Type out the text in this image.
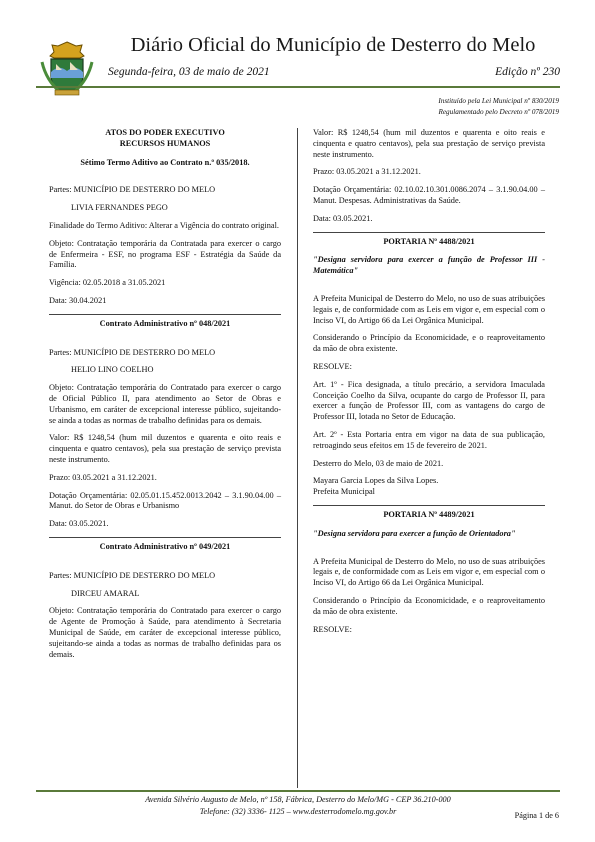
Diário Oficial do Município de Desterro do Melo
Segunda-feira, 03 de maio de 2021	Edição nº 230
Instituído pela Lei Municipal nº 830/2019
Regulamentado pelo Decreto nº 078/2019
ATOS DO PODER EXECUTIVO
RECURSOS HUMANOS
Sétimo Termo Aditivo ao Contrato n.º 035/2018.
Partes: MUNICÍPIO DE DESTERRO DO MELO
LIVIA FERNANDES PEGO
Finalidade do Termo Aditivo: Alterar a Vigência do contrato original.
Objeto: Contratação temporária da Contratada para exercer o cargo de Enfermeira - ESF, no programa ESF - Estratégia da Saúde da Família.
Vigência: 02.05.2018 a 31.05.2021
Data: 30.04.2021
Contrato Administrativo nº 048/2021
Partes: MUNICÍPIO DE DESTERRO DO MELO
HELIO LINO COELHO
Objeto: Contratação temporária do Contratado para exercer o cargo de Oficial Público II, para atendimento ao Setor de Obras e Urbanismo, em caráter de excepcional interesse público, sujeitando-se ainda a todas as normas de trabalho definidas para os demais.
Valor: R$ 1248,54 (hum mil duzentos e quarenta e oito reais e cinquenta e quatro centavos), pela sua prestação de serviço prevista neste instrumento.
Prazo: 03.05.2021 a 31.12.2021.
Dotação Orçamentária: 02.05.01.15.452.0013.2042 – 3.1.90.04.00 – Manut. do Setor de Obras e Urbanismo
Data: 03.05.2021.
Contrato Administrativo nº 049/2021
Partes: MUNICÍPIO DE DESTERRO DO MELO
DIRCEU AMARAL
Objeto: Contratação temporária do Contratado para exercer o cargo de Agente de Promoção à Saúde, para atendimento à Secretaria Municipal de Saúde, em caráter de excepcional interesse público, sujeitando-se ainda a todas as normas de trabalho definidas para os demais.
Valor: R$ 1248,54 (hum mil duzentos e quarenta e oito reais e cinquenta e quatro centavos), pela sua prestação de serviço prevista neste instrumento.
Prazo: 03.05.2021 a 31.12.2021.
Dotação Orçamentária: 02.10.02.10.301.0086.2074 – 3.1.90.04.00 – Manut. Despesas. Administrativas da Saúde.
Data: 03.05.2021.
PORTARIA Nº 4488/2021
"Designa servidora para exercer a função de Professor III - Matemática"
A Prefeita Municipal de Desterro do Melo, no uso de suas atribuições legais e, de conformidade com as Leis em vigor e, em especial com o Inciso VI, do Artigo 66 da Lei Orgânica Municipal.
Considerando o Princípio da Economicidade, e o reaproveitamento da mão de obra existente.
RESOLVE:
Art. 1º - Fica designada, a título precário, a servidora Imaculada Conceição Coelho da Silva, ocupante do cargo de Professor II, para exercer a função de Professor III, com as vantagens do cargo de Professor III, lotada no Setor de Educação.
Art. 2º - Esta Portaria entra em vigor na data de sua publicação, retroagindo seus efeitos em 15 de fevereiro de 2021.
Desterro do Melo, 03 de maio de 2021.
Mayara Garcia Lopes da Silva Lopes.
Prefeita Municipal
PORTARIA Nº 4489/2021
"Designa servidora para exercer a função de Orientadora"
A Prefeita Municipal de Desterro do Melo, no uso de suas atribuições legais e, de conformidade com as Leis em vigor e, em especial com o Inciso VI, do Artigo 66 da Lei Orgânica Municipal.
Considerando o Princípio da Economicidade, e o reaproveitamento da mão de obra existente.
RESOLVE:
Avenida Silvério Augusto de Melo, nº 158, Fábrica, Desterro do Melo/MG - CEP 36.210-000
Telefone: (32) 3336- 1125 – www.desterrodomelo.mg.gov.br	Página 1 de 6
